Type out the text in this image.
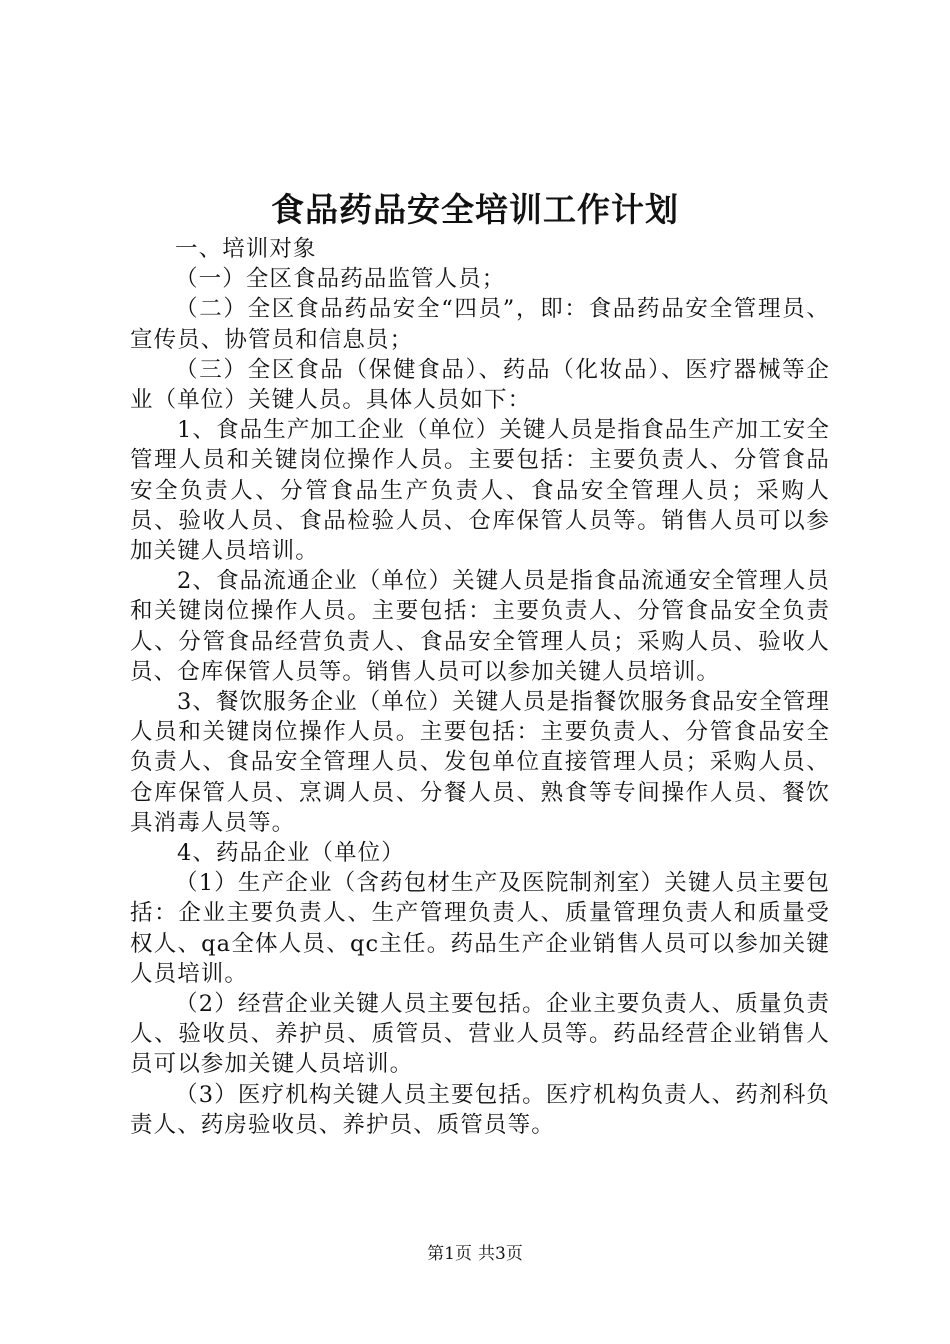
食品药品安全培训工作计划

一、培训对象

（一）全区食品药品监管人员；

（二）全区食品药品安全“四员”，即：食品药品安全管理员、宣传员、协管员和信息员；

（三）全区食品（保健食品）、药品（化妆品）、医疗器械等企业（单位）关键人员。具体人员如下：

1、食品生产加工企业（单位）关键人员是指食品生产加工安全管理人员和关键岗位操作人员。主要包括：主要负责人、分管食品安全负责人、分管食品生产负责人、食品安全管理人员；采购人员、验收人员、食品检验人员、仓库保管人员等。销售人员可以参加关键人员培训。

2、食品流通企业（单位）关键人员是指食品流通安全管理人员和关键岗位操作人员。主要包括：主要负责人、分管食品安全负责人、分管食品经营负责人、食品安全管理人员；采购人员、验收人员、仓库保管人员等。销售人员可以参加关键人员培训。

3、餐饮服务企业（单位）关键人员是指餐饮服务食品安全管理人员和关键岗位操作人员。主要包括：主要负责人、分管食品安全负责人、食品安全管理人员、发包单位直接管理人员；采购人员、仓库保管人员、烹调人员、分餐人员、熟食等专间操作人员、餐饮具消毒人员等。

4、药品企业（单位）

（1）生产企业（含药包材生产及医院制剂室）关键人员主要包括：企业主要负责人、生产管理负责人、质量管理负责人和质量受权人、qa全体人员、qc主任。药品生产企业销售人员可以参加关键人员培训。

（2）经营企业关键人员主要包括。企业主要负责人、质量负责人、验收员、养护员、质管员、营业人员等。药品经营企业销售人员可以参加关键人员培训。

（3）医疗机构关键人员主要包括。医疗机构负责人、药剂科负责人、药房验收员、养护员、质管员等。

第1页 共3页
